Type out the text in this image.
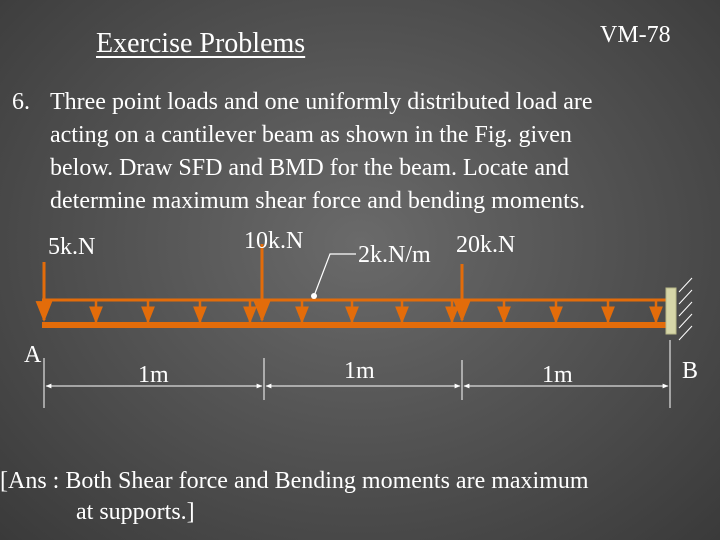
Exercise Problems	VM-78
6. Three point loads and one uniformly distributed load are
acting on a cantilever beam as shown in the Fig. given
below. Draw SFD and BMD for the beam. Locate and
determine maximum shear force and bending moments.
5k.N	10k.N
2k.N/m 20k.N
A
B
1m	1m	1m
[Ans : Both Shear force and Bending moments are maximum
at supports.]
